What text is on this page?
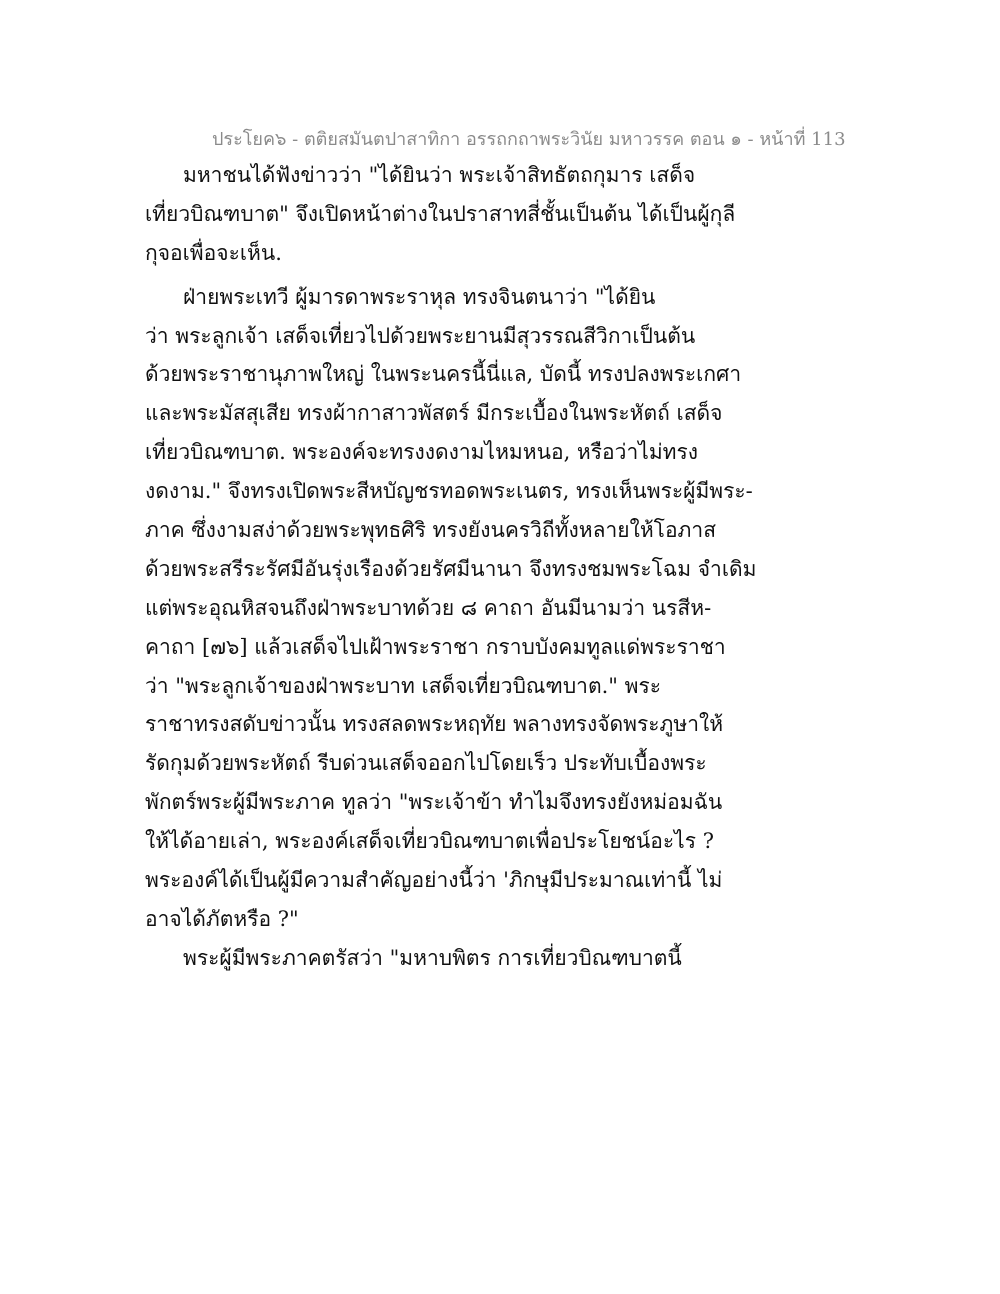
ประโยค๖ - ตติยสมันตปาสาทิกา อรรถกถาพระวินัย มหาวรรค ตอน ๑ - หน้าที่ 113
มหาชนได้ฟังข่าวว่า "ได้ยินว่า พระเจ้าสิทธัตถกุมาร เสด็จ
เที่ยวบิณฑบาต" จึงเปิดหน้าต่างในปราสาทสี่ชั้นเป็นต้น ได้เป็นผู้กุลี
กุจอเพื่อจะเห็น.
ฝ่ายพระเทวี ผู้มารดาพระราหุล ทรงจินตนาว่า "ได้ยิน
ว่า พระลูกเจ้า เสด็จเที่ยวไปด้วยพระยานมีสุวรรณสีวิกาเป็นต้น
ด้วยพระราชานุภาพใหญ่ ในพระนครนี้นี่แล, บัดนี้ ทรงปลงพระเกศา
และพระมัสสุเสีย ทรงผ้ากาสาวพัสตร์ มีกระเบื้องในพระหัตถ์ เสด็จ
เที่ยวบิณฑบาต. พระองค์จะทรงงดงามไหมหนอ, หรือว่าไม่ทรง
งดงาม." จึงทรงเปิดพระสีหบัญชรทอดพระเนตร, ทรงเห็นพระผู้มีพระ-
ภาค ซึ่งงามสง่าด้วยพระพุทธศิริ ทรงยังนครวิถีทั้งหลายให้โอภาส
ด้วยพระสรีระรัศมีอันรุ่งเรืองด้วยรัศมีนานา จึงทรงชมพระโฉม จำเดิม
แต่พระอุณหิสจนถึงฝ่าพระบาทด้วย ๘ คาถา อันมีนามว่า นรสีห-
คาถา [๗๖] แล้วเสด็จไปเฝ้าพระราชา กราบบังคมทูลแด่พระราชา
ว่า "พระลูกเจ้าของฝ่าพระบาท เสด็จเที่ยวบิณฑบาต." พระ
ราชาทรงสดับข่าวนั้น ทรงสลดพระหฤทัย พลางทรงจัดพระภูษาให้
รัดกุมด้วยพระหัตถ์ รีบด่วนเสด็จออกไปโดยเร็ว ประทับเบื้องพระ
พักตร์พระผู้มีพระภาค ทูลว่า "พระเจ้าข้า ทำไมจึงทรงยังหม่อมฉัน
ให้ได้อายเล่า, พระองค์เสด็จเที่ยวบิณฑบาตเพื่อประโยชน์อะไร ?
พระองค์ได้เป็นผู้มีความสำคัญอย่างนี้ว่า 'ภิกษุมีประมาณเท่านี้ ไม่
อาจได้ภัตหรือ ?"
พระผู้มีพระภาคตรัสว่า "มหาบพิตร การเที่ยวบิณฑบาตนี้
